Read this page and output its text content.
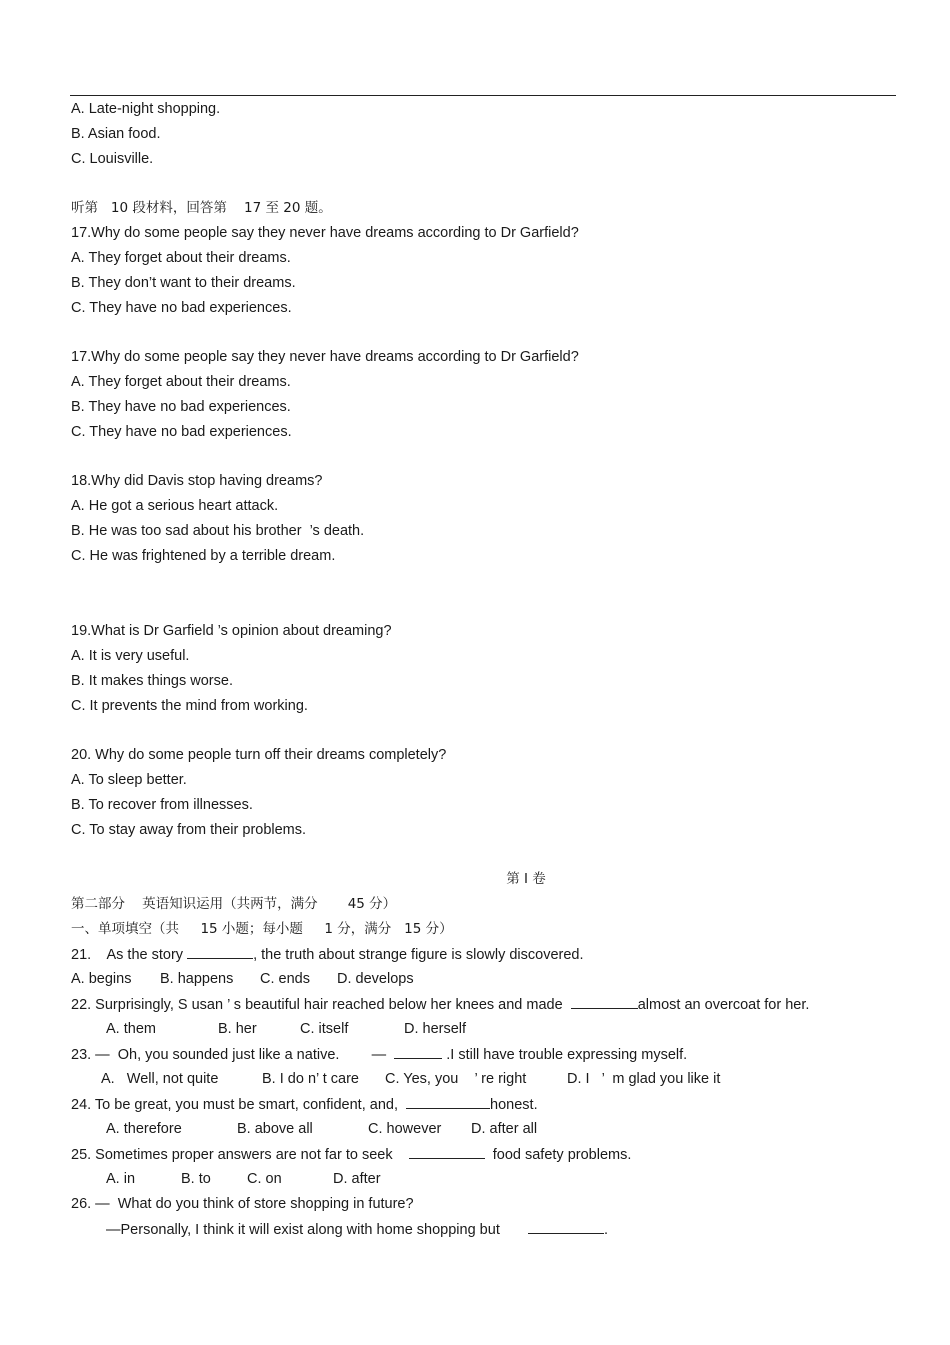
A. Late-night shopping.
B. Asian food.
C. Louisville.
听第   10 段材料，回答第    17 至 20 题。
17.Why do some people say they never have dreams according to Dr Garfield?
A. They forget about their dreams.
B. They don’t want to their dreams.
C. They have no bad experiences.
17.Why do some people say they never have dreams according to Dr Garfield?
A. They forget about their dreams.
B. They have no bad experiences.
C. They have no bad experiences.
18.Why did Davis stop having dreams?
A. He got a serious heart attack.
B. He was too sad about his brother  ’s death.
C. He was frightened by a terrible dream.
19.What is Dr Garfield ’s opinion about dreaming?
A. It is very useful.
B. It makes things worse.
C. It prevents the mind from working.
20. Why do some people turn off their dreams completely?
A. To sleep better.
B. To recover from illnesses.
C. To stay away from their problems.
第 I 卷
第二部分    英语知识运用（共两节，满分       45 分）
一、单项填空（共     15 小题；每小题     1 分，满分   15 分）
21.    As the story	, the truth about strange figure is slowly discovered.
A. begins B. happens C. ends D. develops
22. Surprisingly, S usan ’ s beautiful hair reached below her knees and made	almost an overcoat for her.
A. them	B. her	C. itself	D. herself
23. —  Oh, you sounded just like a native.        —	.I still have trouble expressing myself.
A.   Well, not quite	B. I do n’ t care C. Yes, you    ’ re right	D. I   ’  m glad you like it
24. To be great, you must be smart, confident, and,	honest.
A. therefore	B. above all	C. however D. after all
25. Sometimes proper answers are not far to seek	food safety problems.
A. in	B. to C. on	D. after
26. —  What do you think of store shopping in future?
—Personally, I think it will exist along with home shopping but	.
